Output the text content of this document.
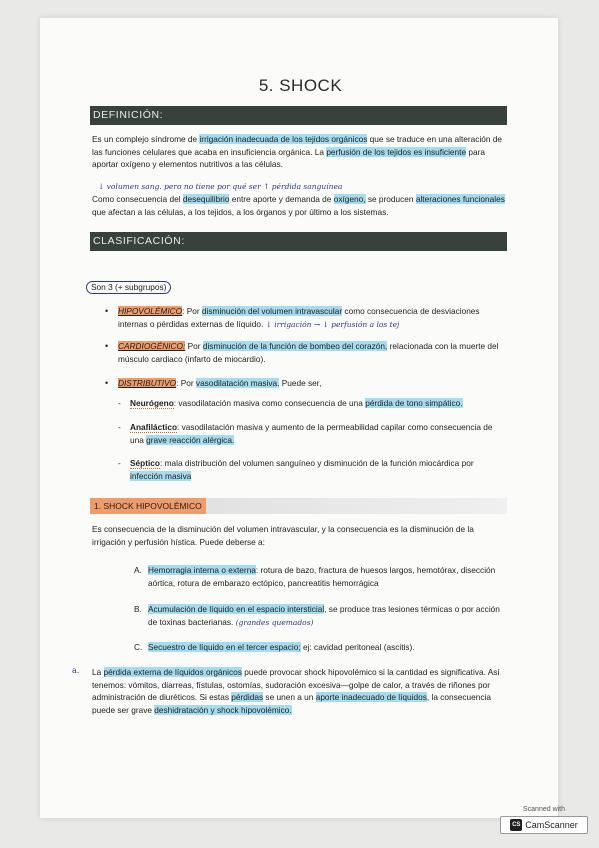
5. SHOCK
DEFINICIÓN:
Es un complejo síndrome de irrigación inadecuada de los tejidos orgánicos que se traduce en una alteración de las funciones celulares que acaba en insuficiencia orgánica. La perfusión de los tejidos es insuficiente para aportar oxígeno y elementos nutritivos a las células.
↓ volumen sang. pero no tiene por qué ser ↑ pérdida sanguínea
Como consecuencia del desequilibrio entre aporte y demanda de oxígeno, se producen alteraciones funcionales que afectan a las células, a los tejidos, a los órganos y por último a los sistemas.
CLASIFICACIÓN:
Son 3 (+ subgrupos)
• HIPOVOLÉMICO: Por disminución del volumen intravascular como consecuencia de desviaciones internas o pérdidas externas de líquido. ↓ irrigación → ↓ perfusión a los tej
• CARDIOGÉNICO: Por disminución de la función de bombeo del corazón, relacionada con la muerte del músculo cardiaco (infarto de miocardio).
• DISTRIBUTIVO: Por vasodilatación masiva. Puede ser,
- Neurógeno: vasodilatación masiva como consecuencia de una pérdida de tono simpático.
- Anafiláctico: vasodilatación masiva y aumento de la permeabilidad capilar como consecuencia de una grave reacción alérgica.
- Séptico: mala distribución del volumen sanguíneo y disminución de la función miocárdica por infección masiva
1. SHOCK HIPOVOLÉMICO
Es consecuencia de la disminución del volumen intravascular, y la consecuencia es la disminución de la irrigación y perfusión hística. Puede deberse a:
A. Hemorragia interna o externa: rotura de bazo, fractura de huesos largos, hemotórax, disección aórtica, rotura de embarazo ectópico, pancreatitis hemorrágica
B. Acumulación de líquido en el espacio intersticial, se produce tras lesiones térmicas o por acción de toxinas bacterianas. (grandes quemados)
C. Secuestro de líquido en el tercer espacio; ej: cavidad peritoneal (ascitis).
a. La pérdida externa de líquidos orgánicos puede provocar shock hipovolémico si la cantidad es significativa. Así tenemos: vómitos, diarreas, fístulas, ostomías, sudoración excesiva—golpe de calor, a través de riñones por administración de diuréticos. Si estas pérdidas se unen a un aporte inadecuado de líquidos, la consecuencia puede ser grave deshidratación y shock hipovolémico.
Scanned with
CS CamScanner
